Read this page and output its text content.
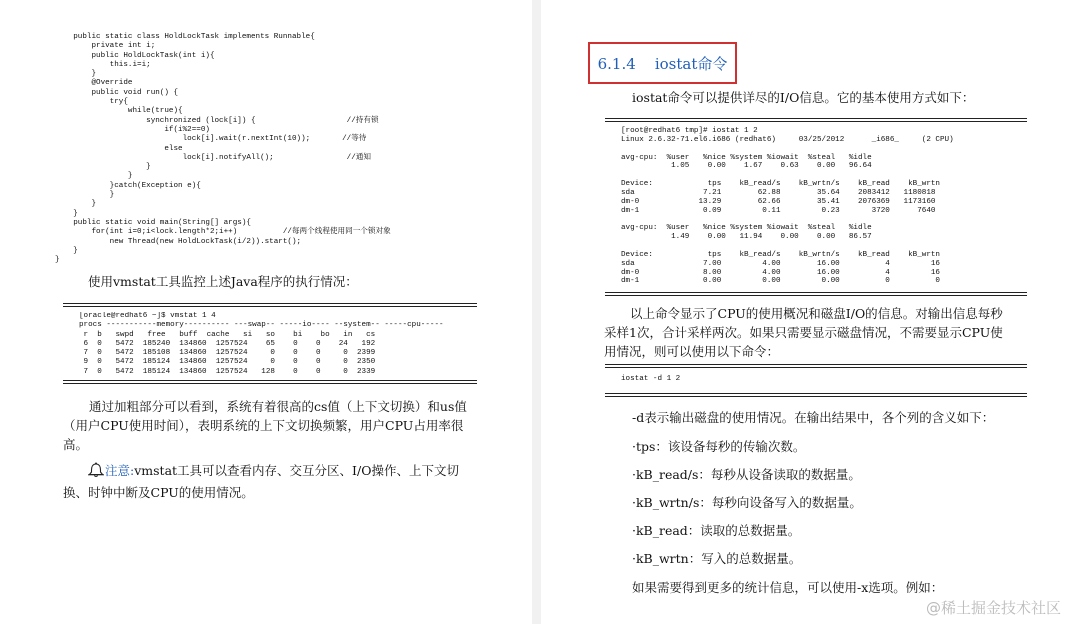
public static class HoldLockTask implements Runnable{
private int i;
public HoldLockTask(int i){
this.i=i;
}
@Override
public void run() {
try{
while(true){
synchronized (lock[i]) {                    //持有锁
if(i%2==0)
lock[i].wait(r.nextInt(10));       //等待
else
lock[i].notifyAll();                //通知
}
}
}catch(Exception e){
}
}
}
public static void main(String[] args){
for(int i=0;i<lock.length*2;i++)          //每两个线程使用同一个锁对象
new Thread(new HoldLockTask(i/2)).start();
}
}

使用vmstat工具监控上述Java程序的执行情况：

[oracle@redhat6 ~]$ vmstat 1 4
procs -----------memory---------- ---swap-- -----io---- --system-- -----cpu-----
r  b   swpd   free   buff  cache   si   so    bi    bo   in   cs
6  0   5472  185240  134860  1257524    65    0    0    24   192
7  0   5472  185108  134860  1257524     0    0    0     0  2399
9  0   5472  185124  134860  1257524     0    0    0     0  2350
7  0   5472  185124  134860  1257524   128    0    0     0  2339

通过加粗部分可以看到，系统有着很高的cs值（上下文切换）和us值（用户CPU使用时间），表明系统的上下文切换频繁，用户CPU占用率很高。

注意:vmstat工具可以查看内存、交互分区、I/O操作、上下文切换、时钟中断及CPU的使用情况。
6.1.4    iostat命令

iostat命令可以提供详尽的I/O信息。它的基本使用方式如下：

[root@redhat6 tmp]# iostat 1 2
Linux 2.6.32-71.el6.i686 (redhat6)     03/25/2012      _i686_     (2 CPU)

avg-cpu:  %user   %nice %system %iowait  %steal   %idle
1.05    0.00    1.67    0.63    0.00   96.64

Device:            tps    kB_read/s    kB_wrtn/s    kB_read    kB_wrtn
sda               7.21        62.88        35.64    2083412   1180818
dm-0             13.29        62.66        35.41    2076369   1173160
dm-1              0.09         0.11         0.23       3720      7640

avg-cpu:  %user   %nice %system %iowait  %steal   %idle
1.49    0.00   11.94    0.00    0.00   86.57

Device:            tps    kB_read/s    kB_wrtn/s    kB_read    kB_wrtn
sda               7.00         4.00        16.00          4         16
dm-0              8.00         4.00        16.00          4         16
dm-1              0.00         0.00         0.00          0          0

以上命令显示了CPU的使用概况和磁盘I/O的信息。对输出信息每秒采样1次，合计采样两次。如果只需要显示磁盘情况，不需要显示CPU使用情况，则可以使用以下命令：

iostat -d 1 2

-d表示输出磁盘的使用情况。在输出结果中，各个列的含义如下：

·tps：该设备每秒的传输次数。

·kB_read/s：每秒从设备读取的数据量。

·kB_wrtn/s：每秒向设备写入的数据量。

·kB_read：读取的总数据量。

·kB_wrtn：写入的总数据量。

如果需要得到更多的统计信息，可以使用-x选项。例如：

@稀土掘金技术社区
